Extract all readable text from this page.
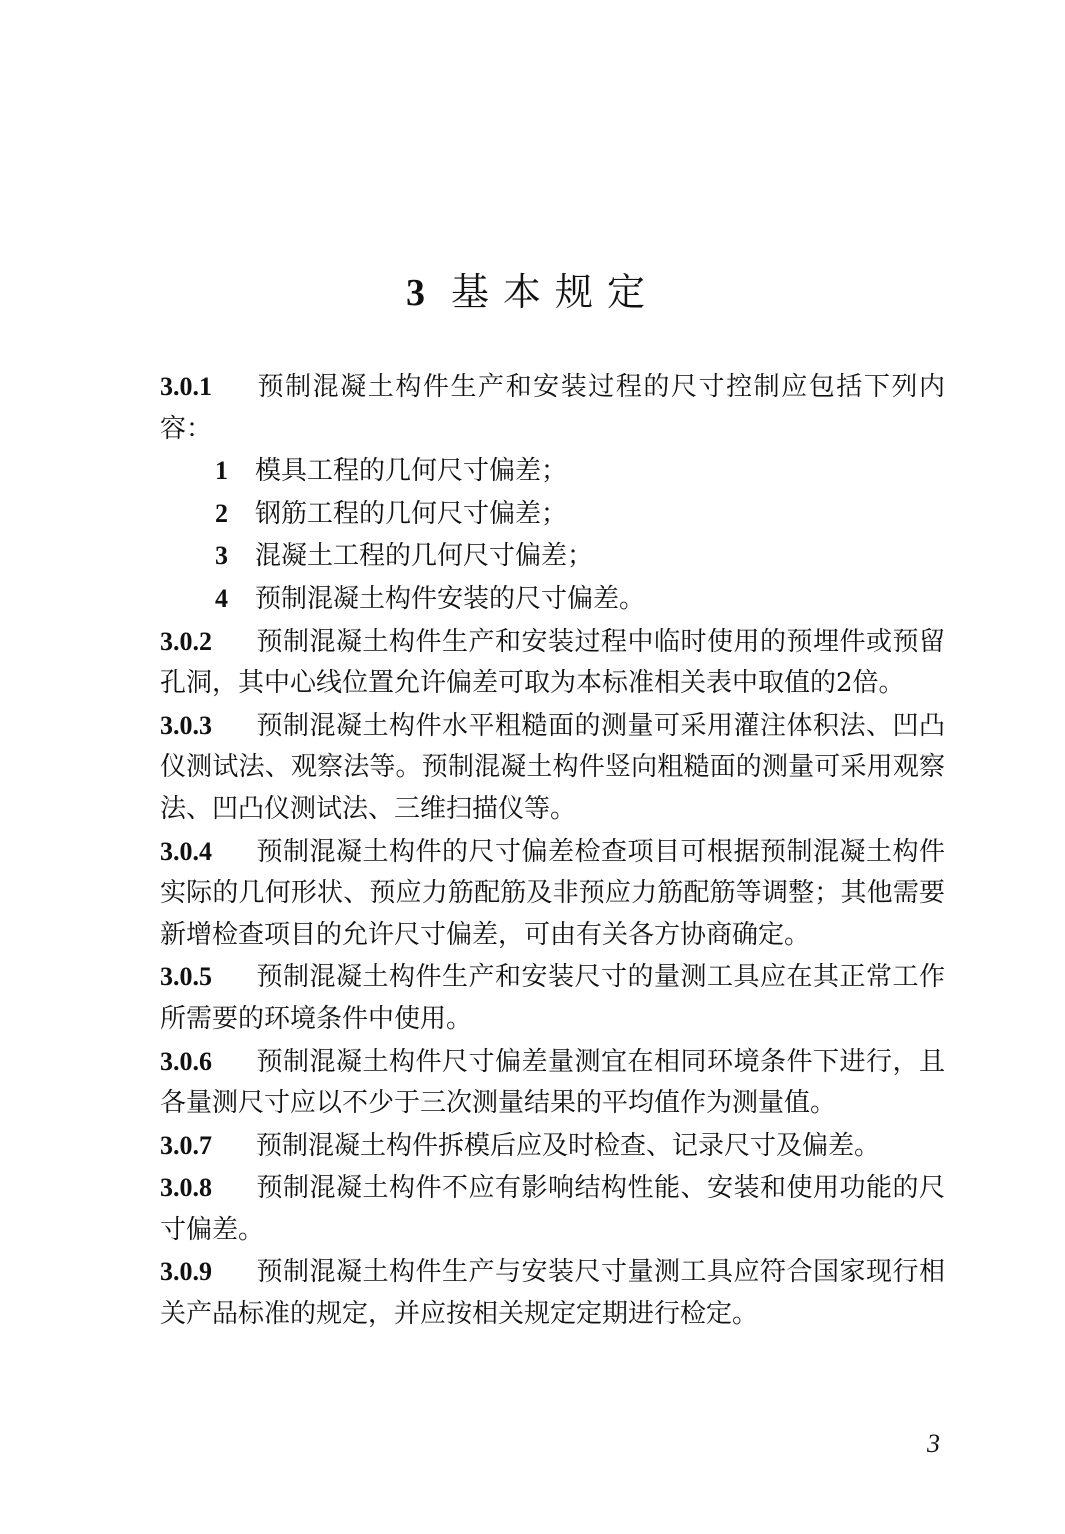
3 基本规定

3.0.1 预制混凝土构件生产和安装过程的尺寸控制应包括下列内容：

1 模具工程的几何尺寸偏差；

2 钢筋工程的几何尺寸偏差；

3 混凝土工程的几何尺寸偏差；

4 预制混凝土构件安装的尺寸偏差。

3.0.2 预制混凝土构件生产和安装过程中临时使用的预埋件或预留孔洞，其中心线位置允许偏差可取为本标准相关表中取值的2倍。

3.0.3 预制混凝土构件水平粗糙面的测量可采用灌注体积法、凹凸仪测试法、观察法等。预制混凝土构件竖向粗糙面的测量可采用观察法、凹凸仪测试法、三维扫描仪等。

3.0.4 预制混凝土构件的尺寸偏差检查项目可根据预制混凝土构件实际的几何形状、预应力筋配筋及非预应力筋配筋等调整；其他需要新增检查项目的允许尺寸偏差，可由有关各方协商确定。

3.0.5 预制混凝土构件生产和安装尺寸的量测工具应在其正常工作所需要的环境条件中使用。

3.0.6 预制混凝土构件尺寸偏差量测宜在相同环境条件下进行，且各量测尺寸应以不少于三次测量结果的平均值作为测量值。

3.0.7 预制混凝土构件拆模后应及时检查、记录尺寸及偏差。

3.0.8 预制混凝土构件不应有影响结构性能、安装和使用功能的尺寸偏差。

3.0.9 预制混凝土构件生产与安装尺寸量测工具应符合国家现行相关产品标准的规定，并应按相关规定定期进行检定。

3
